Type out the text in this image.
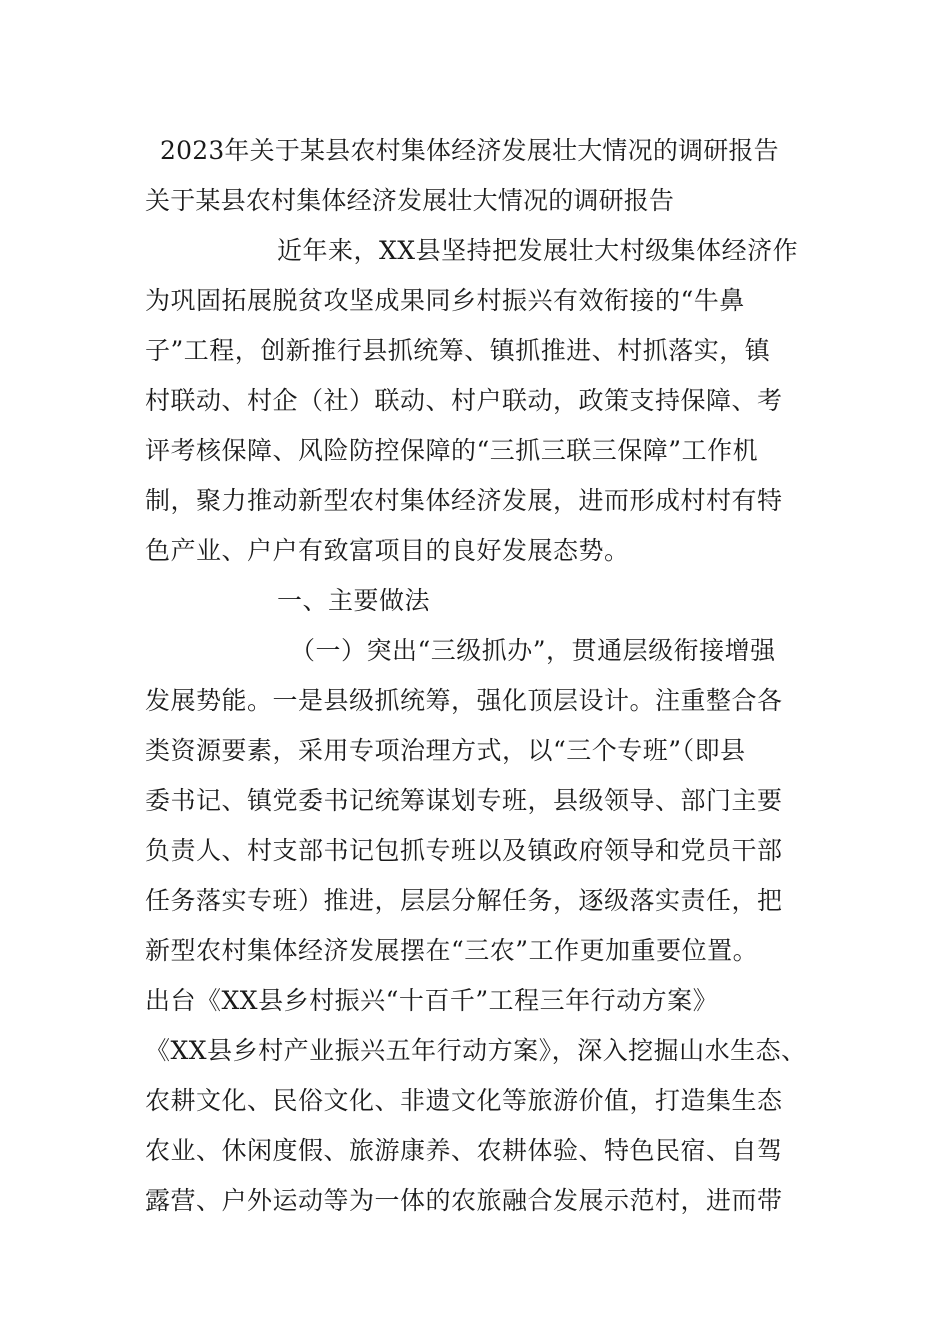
2023年关于某县农村集体经济发展壮大情况的调研报告
关于某县农村集体经济发展壮大情况的调研报告
近年来，XX县坚持把发展壮大村级集体经济作
为巩固拓展脱贫攻坚成果同乡村振兴有效衔接的“牛鼻
子”工程，创新推行县抓统筹、镇抓推进、村抓落实，镇
村联动、村企（社）联动、村户联动，政策支持保障、考
评考核保障、风险防控保障的“三抓三联三保障”工作机
制，聚力推动新型农村集体经济发展，进而形成村村有特
色产业、户户有致富项目的良好发展态势。
一、主要做法
（一）突出“三级抓办”，贯通层级衔接增强
发展势能。一是县级抓统筹，强化顶层设计。注重整合各
类资源要素，采用专项治理方式，以“三个专班”（即县
委书记、镇党委书记统筹谋划专班，县级领导、部门主要
负责人、村支部书记包抓专班以及镇政府领导和党员干部
任务落实专班）推进，层层分解任务，逐级落实责任，把
新型农村集体经济发展摆在“三农”工作更加重要位置。
出台《XX县乡村振兴“十百千”工程三年行动方案》
《XX县乡村产业振兴五年行动方案》，深入挖掘山水生态、
农耕文化、民俗文化、非遗文化等旅游价值，打造集生态
农业、休闲度假、旅游康养、农耕体验、特色民宿、自驾
露营、户外运动等为一体的农旅融合发展示范村，进而带
